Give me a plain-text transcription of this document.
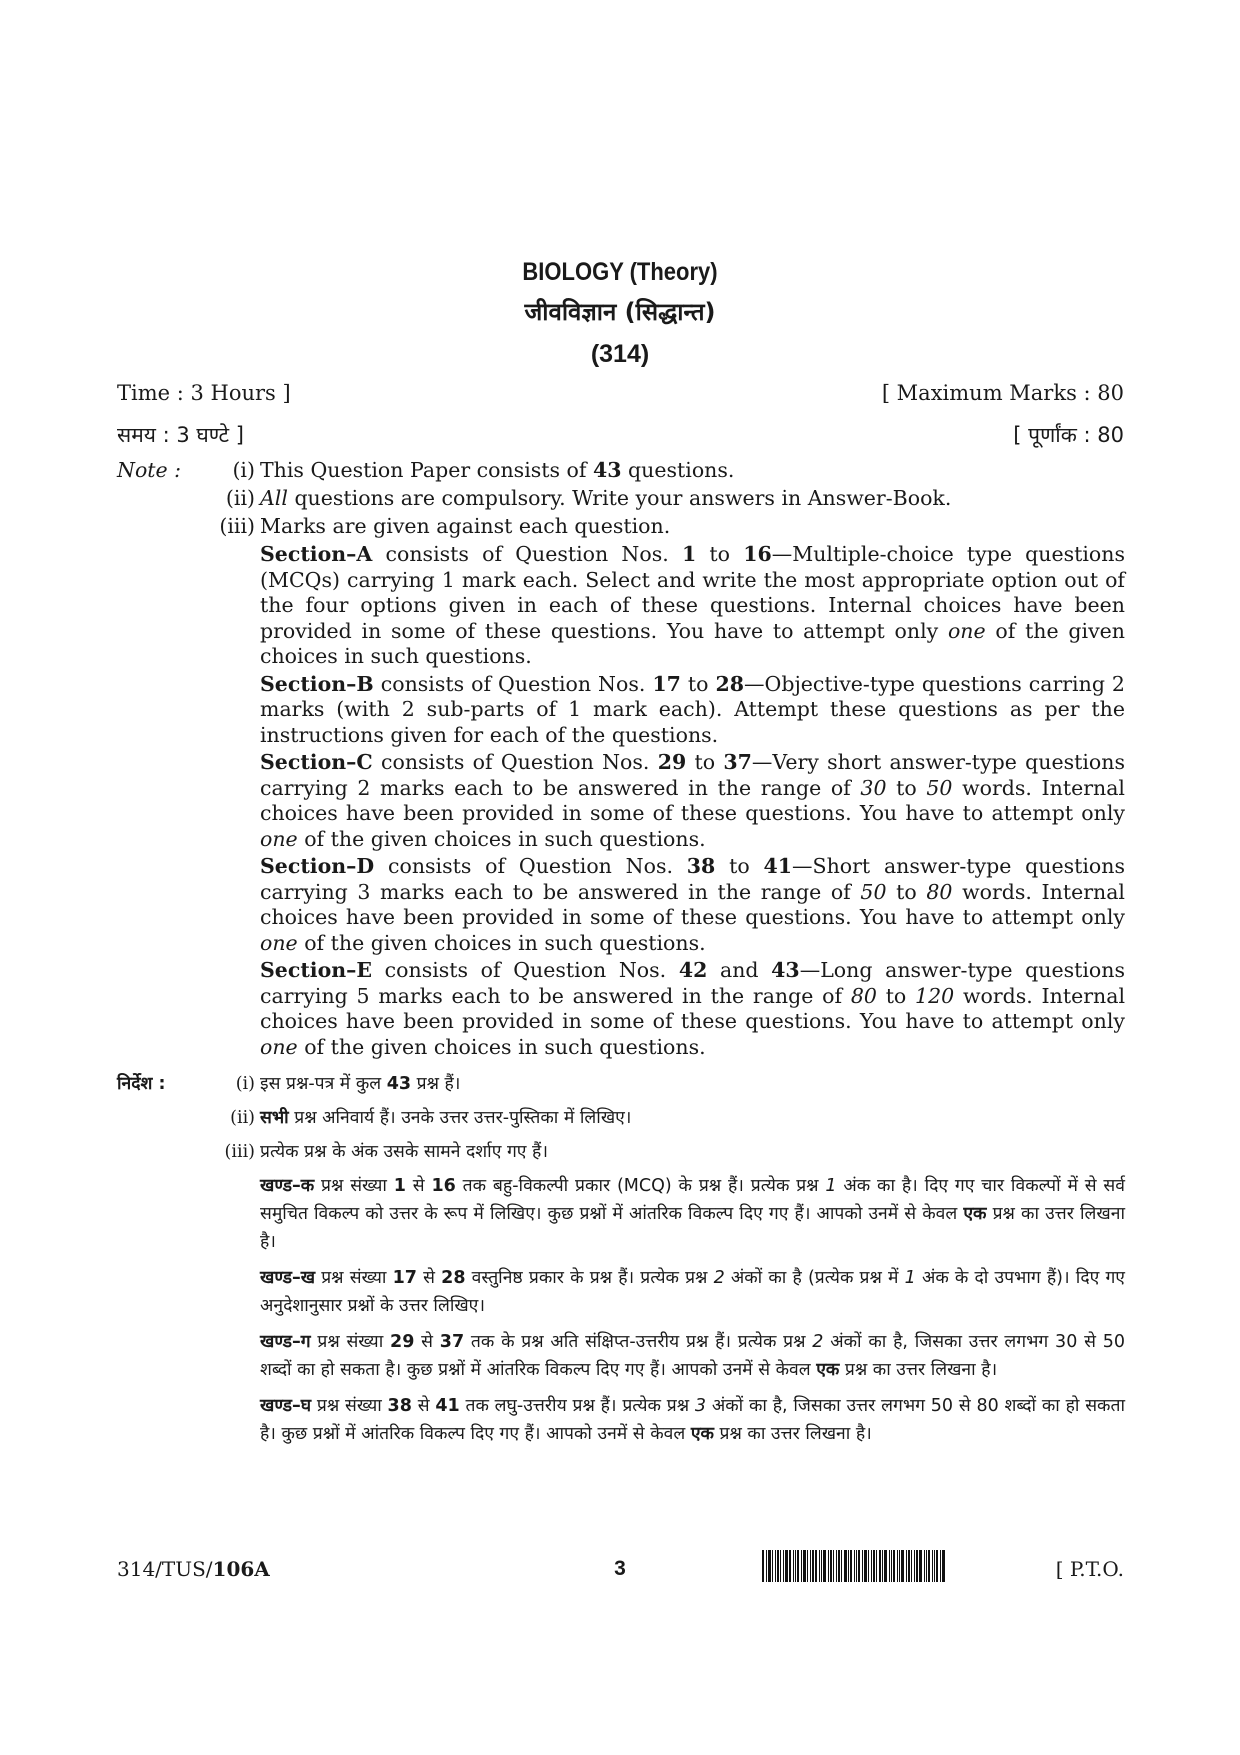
BIOLOGY (Theory)
जीवविज्ञान (सिद्धान्त)
(314)
Time : 3 Hours ]	[ Maximum Marks : 80
समय : 3 घण्टे ]	[ पूर्णांक : 80
Note :	(i) This Question Paper consists of 43 questions.
(ii) All questions are compulsory. Write your answers in Answer-Book.
(iii) Marks are given against each question.
Section–A consists of Question Nos. 1 to 16—Multiple-choice type questions (MCQs) carrying 1 mark each. Select and write the most appropriate option out of the four options given in each of these questions. Internal choices have been provided in some of these questions. You have to attempt only one of the given choices in such questions.
Section–B consists of Question Nos. 17 to 28—Objective-type questions carring 2 marks (with 2 sub-parts of 1 mark each). Attempt these questions as per the instructions given for each of the questions.
Section–C consists of Question Nos. 29 to 37—Very short answer-type questions carrying 2 marks each to be answered in the range of 30 to 50 words. Internal choices have been provided in some of these questions. You have to attempt only one of the given choices in such questions.
Section–D consists of Question Nos. 38 to 41—Short answer-type questions carrying 3 marks each to be answered in the range of 50 to 80 words. Internal choices have been provided in some of these questions. You have to attempt only one of the given choices in such questions.
Section–E consists of Question Nos. 42 and 43—Long answer-type questions carrying 5 marks each to be answered in the range of 80 to 120 words. Internal choices have been provided in some of these questions. You have to attempt only one of the given choices in such questions.
निर्देश :	(i) इस प्रश्न-पत्र में कुल 43 प्रश्न हैं।
(ii) सभी प्रश्न अनिवार्य हैं। उनके उत्तर उत्तर-पुस्तिका में लिखिए।
(iii) प्रत्येक प्रश्न के अंक उसके सामने दर्शाए गए हैं।
खण्ड–क प्रश्न संख्या 1 से 16 तक बहु-विकल्पी प्रकार (MCQ) के प्रश्न हैं। प्रत्येक प्रश्न 1 अंक का है। दिए गए चार विकल्पों में से सर्व समुचित विकल्प को उत्तर के रूप में लिखिए। कुछ प्रश्नों में आंतरिक विकल्प दिए गए हैं। आपको उनमें से केवल एक प्रश्न का उत्तर लिखना है।
खण्ड–ख प्रश्न संख्या 17 से 28 वस्तुनिष्ठ प्रकार के प्रश्न हैं। प्रत्येक प्रश्न 2 अंकों का है (प्रत्येक प्रश्न में 1 अंक के दो उपभाग हैं)। दिए गए अनुदेशानुसार प्रश्नों के उत्तर लिखिए।
खण्ड–ग प्रश्न संख्या 29 से 37 तक के प्रश्न अति संक्षिप्त-उत्तरीय प्रश्न हैं। प्रत्येक प्रश्न 2 अंकों का है, जिसका उत्तर लगभग 30 से 50 शब्दों का हो सकता है। कुछ प्रश्नों में आंतरिक विकल्प दिए गए हैं। आपको उनमें से केवल एक प्रश्न का उत्तर लिखना है।
खण्ड–घ प्रश्न संख्या 38 से 41 तक लघु-उत्तरीय प्रश्न हैं। प्रत्येक प्रश्न 3 अंकों का है, जिसका उत्तर लगभग 50 से 80 शब्दों का हो सकता है। कुछ प्रश्नों में आंतरिक विकल्प दिए गए हैं। आपको उनमें से केवल एक प्रश्न का उत्तर लिखना है।
314/TUS/106A	3	[ P.T.O.
